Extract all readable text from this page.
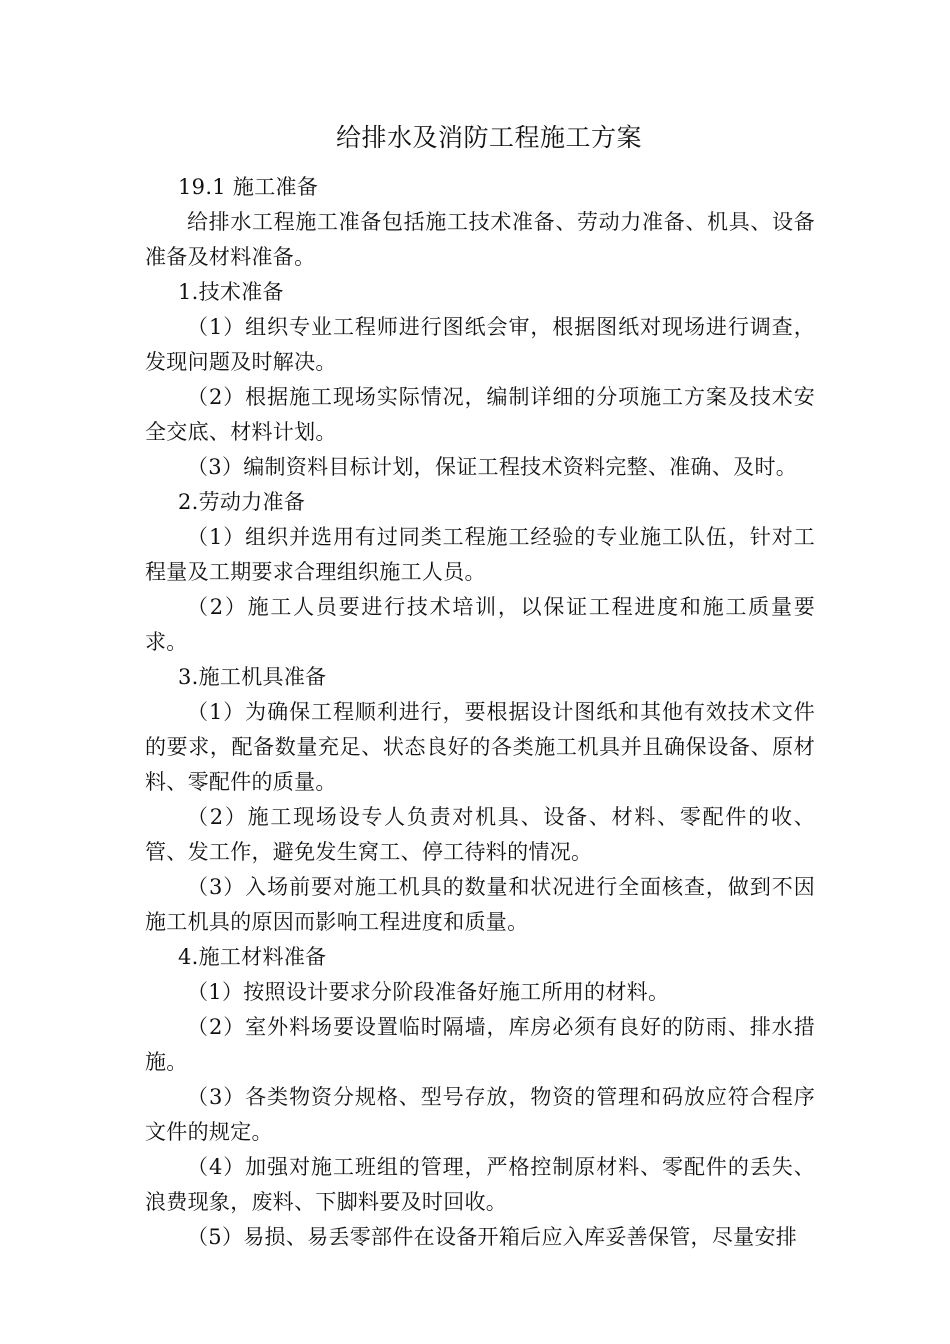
给排水及消防工程施工方案

19.1 施工准备

给排水工程施工准备包括施工技术准备、劳动力准备、机具、设备准备及材料准备。

1.技术准备

（1）组织专业工程师进行图纸会审，根据图纸对现场进行调查，发现问题及时解决。

（2）根据施工现场实际情况，编制详细的分项施工方案及技术安全交底、材料计划。

（3）编制资料目标计划，保证工程技术资料完整、准确、及时。

2.劳动力准备

（1）组织并选用有过同类工程施工经验的专业施工队伍，针对工程量及工期要求合理组织施工人员。

（2）施工人员要进行技术培训，以保证工程进度和施工质量要求。

3.施工机具准备

（1）为确保工程顺利进行，要根据设计图纸和其他有效技术文件的要求，配备数量充足、状态良好的各类施工机具并且确保设备、原材料、零配件的质量。

（2）施工现场设专人负责对机具、设备、材料、零配件的收、管、发工作，避免发生窝工、停工待料的情况。

（3）入场前要对施工机具的数量和状况进行全面核查，做到不因施工机具的原因而影响工程进度和质量。

4.施工材料准备

（1）按照设计要求分阶段准备好施工所用的材料。

（2）室外料场要设置临时隔墙，库房必须有良好的防雨、排水措施。

（3）各类物资分规格、型号存放，物资的管理和码放应符合程序文件的规定。

（4）加强对施工班组的管理，严格控制原材料、零配件的丢失、浪费现象，废料、下脚料要及时回收。

（5）易损、易丢零部件在设备开箱后应入库妥善保管，尽量安排
